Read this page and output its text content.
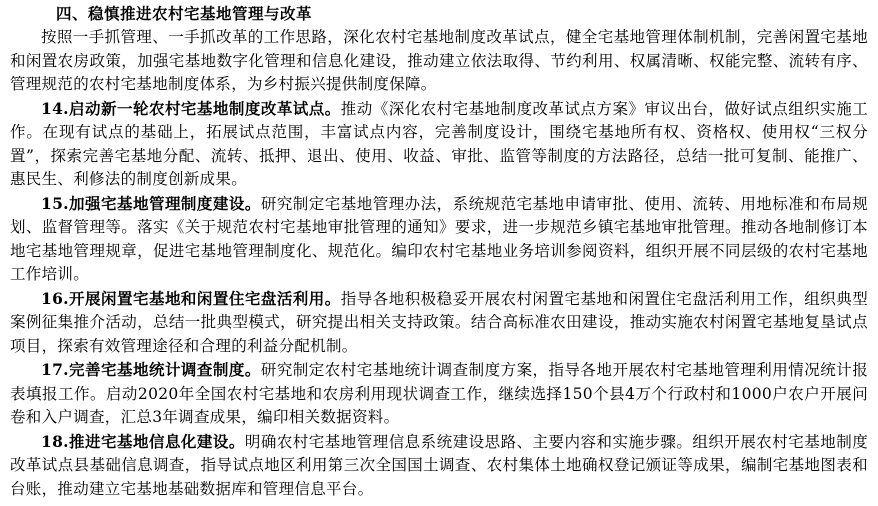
四、稳慎推进农村宅基地管理与改革

按照一手抓管理、一手抓改革的工作思路，深化农村宅基地制度改革试点，健全宅基地管理体制机制，完善闲置宅基地和闲置农房政策，加强宅基地数字化管理和信息化建设，推动建立依法取得、节约利用、权属清晰、权能完整、流转有序、管理规范的农村宅基地制度体系，为乡村振兴提供制度保障。

14.启动新一轮农村宅基地制度改革试点。推动《深化农村宅基地制度改革试点方案》审议出台，做好试点组织实施工作。在现有试点的基础上，拓展试点范围，丰富试点内容，完善制度设计，围绕宅基地所有权、资格权、使用权“三权分置”，探索完善宅基地分配、流转、抵押、退出、使用、收益、审批、监管等制度的方法路径，总结一批可复制、能推广、惠民生、利修法的制度创新成果。

15.加强宅基地管理制度建设。研究制定宅基地管理办法，系统规范宅基地申请审批、使用、流转、用地标准和布局规划、监督管理等。落实《关于规范农村宅基地审批管理的通知》要求，进一步规范乡镇宅基地审批管理。推动各地制修订本地宅基地管理规章，促进宅基地管理制度化、规范化。编印农村宅基地业务培训参阅资料，组织开展不同层级的农村宅基地工作培训。

16.开展闲置宅基地和闲置住宅盘活利用。指导各地积极稳妥开展农村闲置宅基地和闲置住宅盘活利用工作，组织典型案例征集推介活动，总结一批典型模式，研究提出相关支持政策。结合高标准农田建设，推动实施农村闲置宅基地复垦试点项目，探索有效管理途径和合理的利益分配机制。

17.完善宅基地统计调查制度。研究制定农村宅基地统计调查制度方案，指导各地开展农村宅基地管理利用情况统计报表填报工作。启动2020年全国农村宅基地和农房利用现状调查工作，继续选择150个县4万个行政村和1000户农户开展问卷和入户调查，汇总3年调查成果，编印相关数据资料。

18.推进宅基地信息化建设。明确农村宅基地管理信息系统建设思路、主要内容和实施步骤。组织开展农村宅基地制度改革试点县基础信息调查，指导试点地区利用第三次全国国土调查、农村集体土地确权登记颁证等成果，编制宅基地图表和台账，推动建立宅基地基础数据库和管理信息平台。
